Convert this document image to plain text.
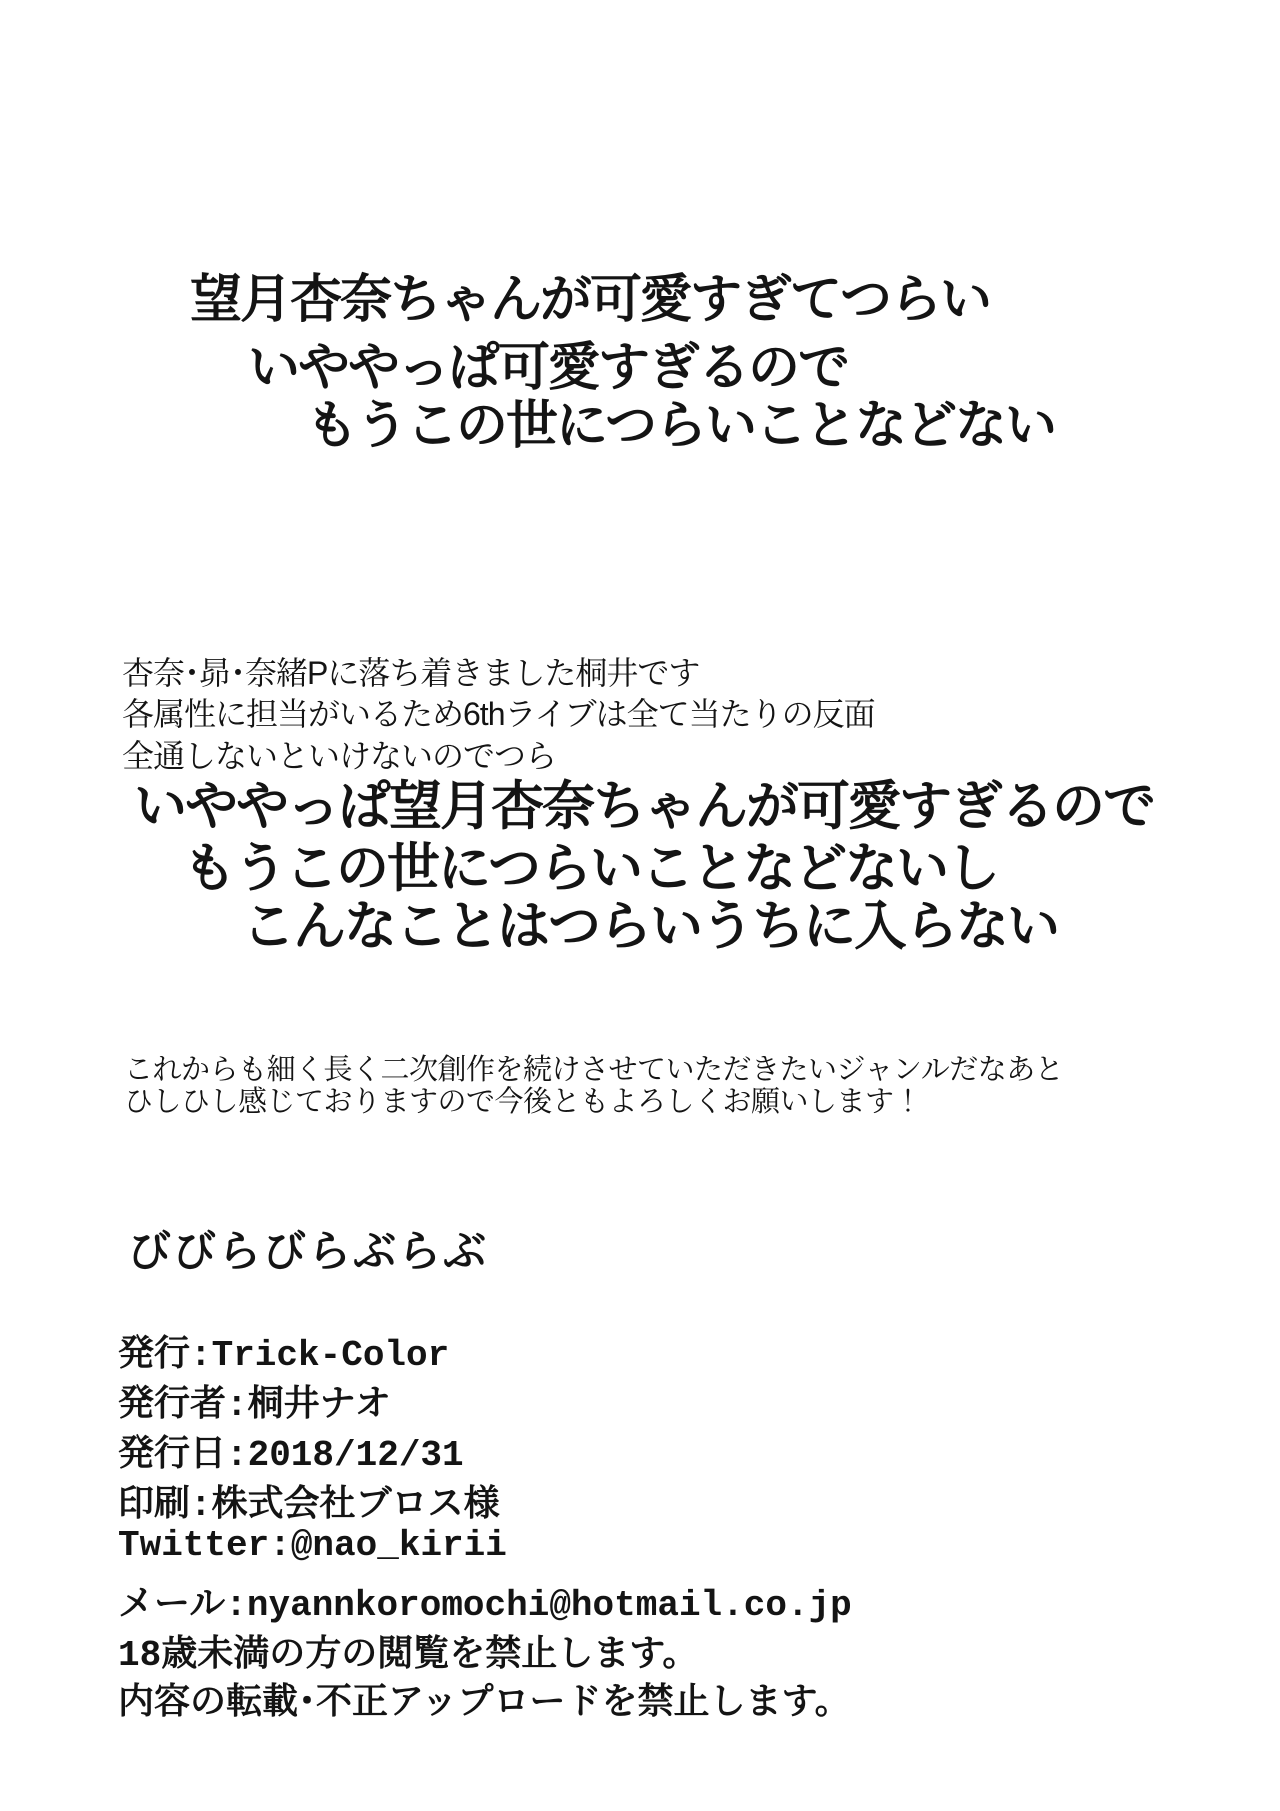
望月杏奈ちゃんが可愛すぎてつらい
いややっぱ可愛すぎるので
もうこの世につらいことなどない
杏奈･昴･奈緒Pに落ち着きました桐井です
各属性に担当がいるため6thライブは全て当たりの反面
全通しないといけないのでつら
いややっぱ望月杏奈ちゃんが可愛すぎるので
もうこの世につらいことなどないし
こんなことはつらいうちに入らない
これからも細く長く二次創作を続けさせていただきたいジャンルだなあと
ひしひし感じておりますので今後ともよろしくお願いします！
びびらびらぶらぶ
発行:Trick-Color
発行者:桐井ナオ
発行日:2018/12/31
印刷:株式会社ブロス様
Twitter:@nao_kirii
メール:nyannkoromochi@hotmail.co.jp
18歳未満の方の閲覧を禁止します。
内容の転載･不正アップロードを禁止します。
